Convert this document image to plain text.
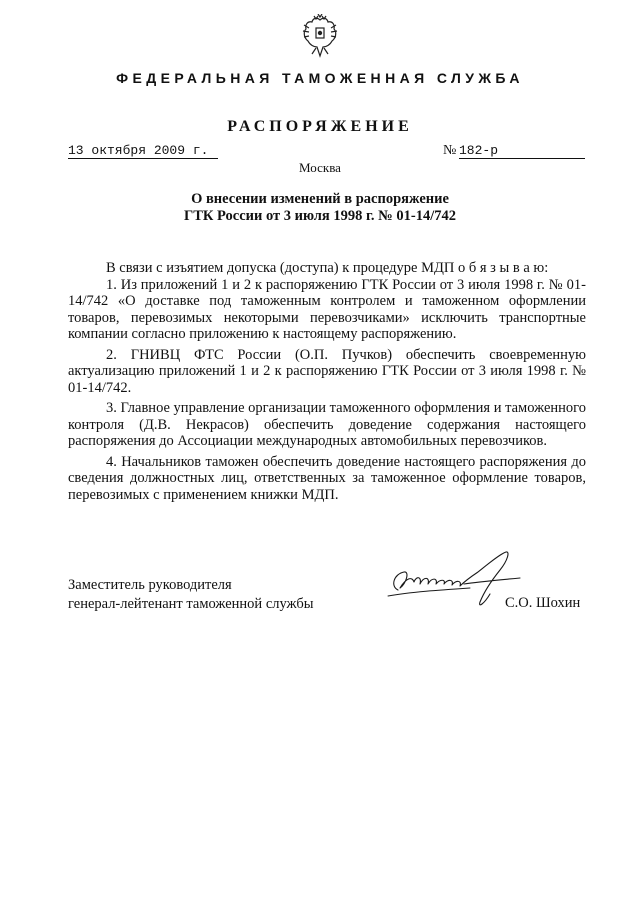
ФЕДЕРАЛЬНАЯ ТАМОЖЕННАЯ СЛУЖБА
РАСПОРЯЖЕНИЕ
13 октября 2009 г.	№ 182-р
Москва
О внесении изменений в распоряжение
ГТК России от 3 июля 1998 г. № 01-14/742

В связи с изъятием допуска (доступа) к процедуре МДП о б я з ы в а ю:

1. Из приложений 1 и 2 к распоряжению ГТК России от 3 июля 1998 г. № 01-14/742 «О доставке под таможенным контролем и таможенном оформлении товаров, перевозимых некоторыми перевозчиками» исключить транспортные компании согласно приложению к настоящему распоряжению.

2. ГНИВЦ ФТС России (О.П. Пучков) обеспечить своевременную актуализацию приложений 1 и 2 к распоряжению ГТК России от 3 июля 1998 г. № 01-14/742.

3. Главное управление организации таможенного оформления и таможенного контроля (Д.В. Некрасов) обеспечить доведение содержания настоящего распоряжения до Ассоциации международных автомобильных перевозчиков.

4. Начальников таможен обеспечить доведение настоящего распоряжения до сведения должностных лиц, ответственных за таможенное оформление товаров, перевозимых с применением книжки МДП.

Заместитель руководителя
генерал-лейтенант таможенной службы	С.О. Шохин
